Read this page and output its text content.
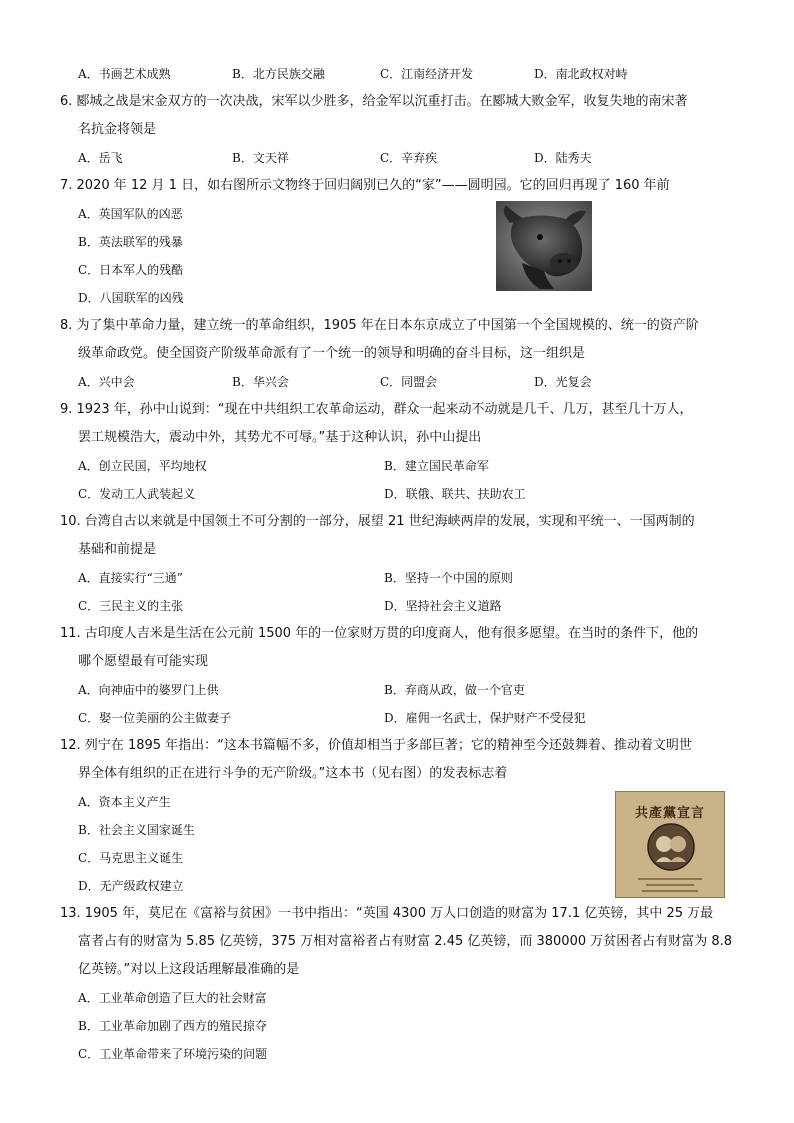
A．书画艺术成熟	B．北方民族交融	C．江南经济开发	D．南北政权对峙
6. 郾城之战是宋金双方的一次决战，宋军以少胜多，给金军以沉重打击。在郾城大败金军，收复失地的南宋著
名抗金将领是
A．岳飞	B．文天祥	C．辛弃疾	D．陆秀夫
7. 2020 年 12 月 1 日，如右图所示文物终于回归阔别已久的“家”——圆明园。它的回归再现了 160 年前
A．英国军队的凶恶
B．英法联军的残暴
C．日本军人的残酷
D．八国联军的凶残
8. 为了集中革命力量，建立统一的革命组织，1905 年在日本东京成立了中国第一个全国规模的、统一的资产阶
级革命政党。使全国资产阶级革命派有了一个统一的领导和明确的奋斗目标，这一组织是
A．兴中会	B．华兴会	C．同盟会	D．光复会
9. 1923 年，孙中山说到：“现在中共组织工农革命运动，群众一起来动不动就是几千、几万，甚至几十万人，
罢工规模浩大，震动中外，其势尤不可辱。”基于这种认识，孙中山提出
A．创立民国，平均地权	B．建立国民革命军
C．发动工人武装起义	D．联俄、联共、扶助农工
10. 台湾自古以来就是中国领土不可分割的一部分，展望 21 世纪海峡两岸的发展，实现和平统一、一国两制的
基础和前提是
A．直接实行“三通”	B．坚持一个中国的原则
C．三民主义的主张	D．坚持社会主义道路
11. 古印度人吉米是生活在公元前 1500 年的一位家财万贯的印度商人，他有很多愿望。在当时的条件下，他的
哪个愿望最有可能实现
A．向神庙中的婆罗门上供	B．弃商从政，做一个官吏
C．娶一位美丽的公主做妻子	D．雇佣一名武士，保护财产不受侵犯
12. 列宁在 1895 年指出：“这本书篇幅不多，价值却相当于多部巨著；它的精神至今还鼓舞着、推动着文明世
界全体有组织的正在进行斗争的无产阶级。”这本书（见右图）的发表标志着
A．资本主义产生
B．社会主义国家诞生
C．马克思主义诞生
D．无产级政权建立
共產黨宣言
13. 1905 年，莫尼在《富裕与贫困》一书中指出：“英国 4300 万人口创造的财富为 17.1 亿英镑，其中 25 万最
富者占有的财富为 5.85 亿英镑，375 万相对富裕者占有财富 2.45 亿英镑，而 380000 万贫困者占有财富为 8.8
亿英镑。”对以上这段话理解最准确的是
A．工业革命创造了巨大的社会财富
B．工业革命加剧了西方的殖民掠夺
C．工业革命带来了环境污染的问题
